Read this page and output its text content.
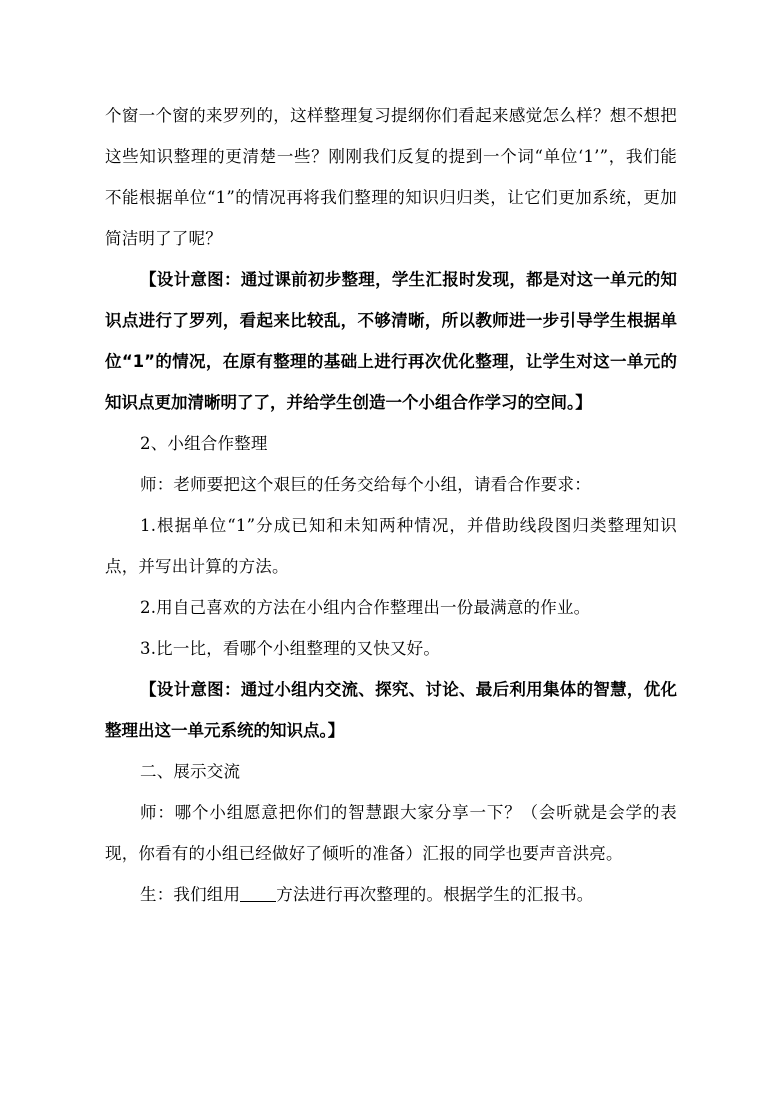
个窗一个窗的来罗列的，这样整理复习提纲你们看起来感觉怎么样？想不想把这些知识整理的更清楚一些？刚刚我们反复的提到一个词“单位‘1’”，我们能不能根据单位“1”的情况再将我们整理的知识归归类，让它们更加系统，更加简洁明了了呢？

【设计意图：通过课前初步整理，学生汇报时发现，都是对这一单元的知识点进行了罗列，看起来比较乱，不够清晰，所以教师进一步引导学生根据单位“1”的情况，在原有整理的基础上进行再次优化整理，让学生对这一单元的知识点更加清晰明了了，并给学生创造一个小组合作学习的空间。】

2、小组合作整理

师：老师要把这个艰巨的任务交给每个小组，请看合作要求：

1.根据单位“1”分成已知和未知两种情况，并借助线段图归类整理知识点，并写出计算的方法。

2.用自己喜欢的方法在小组内合作整理出一份最满意的作业。

3.比一比，看哪个小组整理的又快又好。

【设计意图：通过小组内交流、探究、讨论、最后利用集体的智慧，优化整理出这一单元系统的知识点。】

二、展示交流

师：哪个小组愿意把你们的智慧跟大家分享一下？（会听就是会学的表现，你看有的小组已经做好了倾听的准备）汇报的同学也要声音洪亮。

生：我们组用 方法进行再次整理的。根据学生的汇报书。
